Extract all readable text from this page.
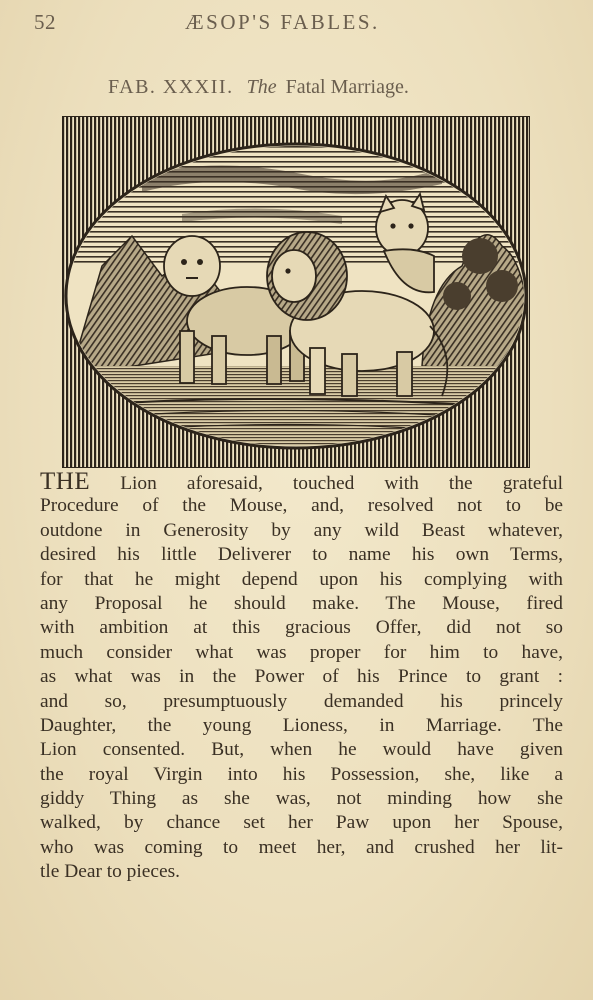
52	ÆSOP'S FABLES.
FAB. XXXII. The Fatal Marriage.
THE Lion aforesaid, touched with the grateful
Procedure of the Mouse, and, resolved not to be
outdone in Generosity by any wild Beast whatever,
desired his little Deliverer to name his own Terms,
for that he might depend upon his complying with
any Proposal he should make. The Mouse, fired
with ambition at this gracious Offer, did not so
much consider what was proper for him to have,
as what was in the Power of his Prince to grant :
and so, presumptuously demanded his princely
Daughter, the young Lioness, in Marriage. The
Lion consented. But, when he would have given
the royal Virgin into his Possession, she, like a
giddy Thing as she was, not minding how she
walked, by chance set her Paw upon her Spouse,
who was coming to meet her, and crushed her lit-
tle Dear to pieces.
